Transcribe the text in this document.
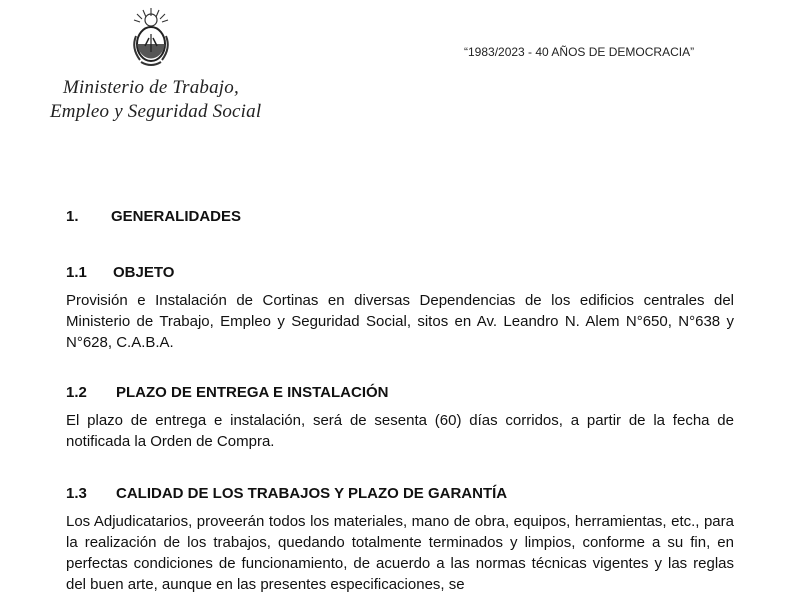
Ministerio de Trabajo,
Empleo y Seguridad Social
“1983/2023 - 40 AÑOS DE DEMOCRACIA”
1. GENERALIDADES
1.1 OBJETO

Provisión e Instalación de Cortinas en diversas Dependencias de los edificios centrales del Ministerio de Trabajo, Empleo y Seguridad Social, sitos en Av. Leandro N. Alem N°650, N°638 y N°628, C.A.B.A.

1.2 PLAZO DE ENTREGA E INSTALACIÓN

El plazo de entrega e instalación, será de sesenta (60) días corridos, a partir de la fecha de notificada la Orden de Compra.

1.3 CALIDAD DE LOS TRABAJOS Y PLAZO DE GARANTÍA

Los Adjudicatarios, proveerán todos los materiales, mano de obra, equipos, herramientas, etc., para la realización de los trabajos, quedando totalmente terminados y limpios, conforme a su fin, en perfectas condiciones de funcionamiento, de acuerdo a las normas técnicas vigentes y las reglas del buen arte, aunque en las presentes especificaciones, se
